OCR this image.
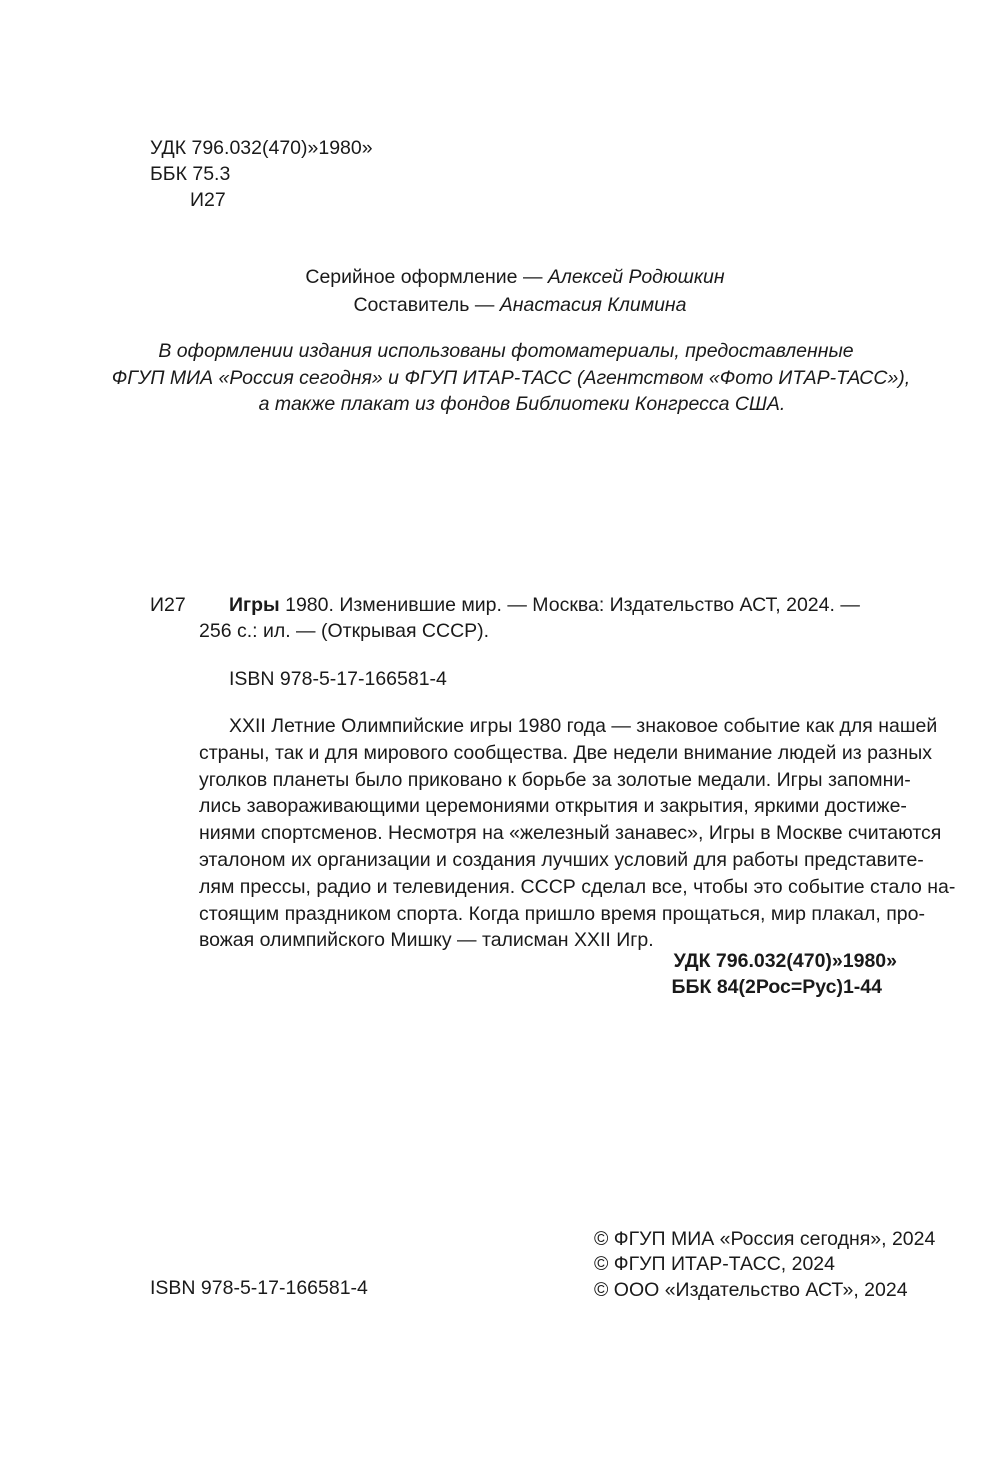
УДК 796.032(470)»1980»
ББК 75.3
И27
Серийное оформление — Алексей Родюшкин
Составитель — Анастасия Климина
В оформлении издания использованы фотоматериалы, предоставленные
ФГУП МИА «Россия сегодня» и ФГУП ИТАР-ТАСС (Агентством «Фото ИТАР-ТАСС»),
а также плакат из фондов Библиотеки Конгресса США.
И27 Игры 1980. Изменившие мир. — Москва: Издательство АСТ, 2024. —
256 с.: ил. — (Открывая СССР).
ISBN 978-5-17-166581-4
XXII Летние Олимпийские игры 1980 года — знаковое событие как для нашей
страны, так и для мирового сообщества. Две недели внимание людей из разных
уголков планеты было приковано к борьбе за золотые медали. Игры запомни-
лись завораживающими церемониями открытия и закрытия, яркими достиже-
ниями спортсменов. Несмотря на «железный занавес», Игры в Москве считаются
эталоном их организации и создания лучших условий для работы представите-
лям прессы, радио и телевидения. СССР сделал все, чтобы это событие стало на-
стоящим праздником спорта. Когда пришло время прощаться, мир плакал, про-
вожая олимпийского Мишку — талисман XXII Игр.
УДК 796.032(470)»1980»
ББК 84(2Рос=Рус)1-44
© ФГУП МИА «Россия сегодня», 2024
© ФГУП ИТАР-ТАСС, 2024
© ООО «Издательство АСТ», 2024
ISBN 978-5-17-166581-4
